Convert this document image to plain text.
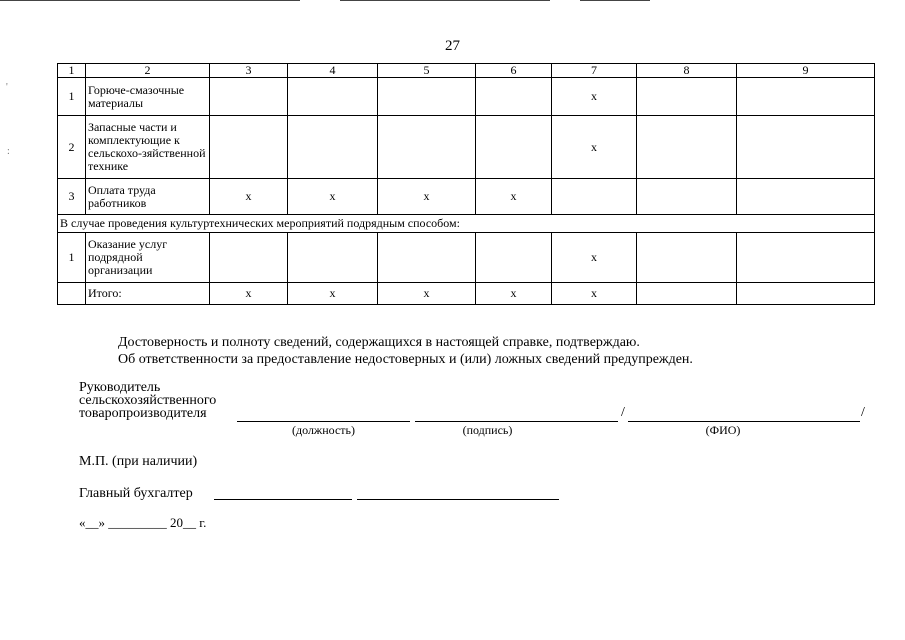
'
:
27
1	2	3	4	5	6	7	8	9
1	Горюче-смазочные материалы					х		
2	Запасные части и комплектующие к сельскохо-зяйственной технике					х		
3	Оплата труда работников	х	х	х	х			
В случае проведения культуртехнических мероприятий подрядным способом:								
1	Оказание услуг подрядной организации					х		
	Итого:	х	х	х	х	х		
Достоверность и полноту сведений, содержащихся в настоящей справке, подтверждаю.
Об ответственности за предоставление недостоверных и (или) ложных сведений предупрежден.
Руководитель
сельскохозяйственного
товаропроизводителя	/	/
(должность)	(подпись)	(ФИО)
М.П. (при наличии)
Главный бухгалтер
«__» _________ 20__ г.
